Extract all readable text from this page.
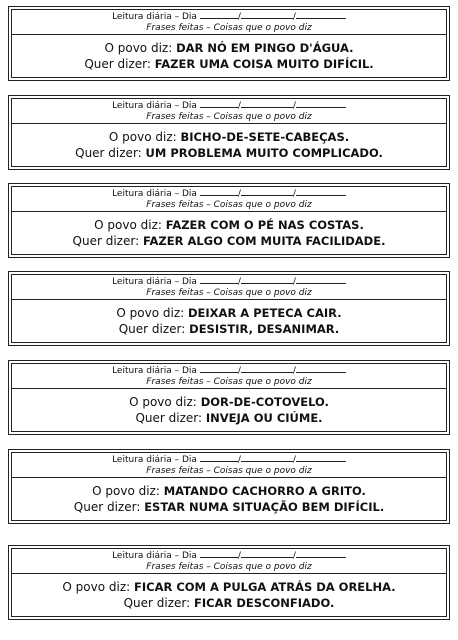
Leitura diária – Dia	/	/
Frases feitas – Coisas que o povo diz
O povo diz: DAR NÓ EM PINGO D'ÁGUA.
Quer dizer: FAZER UMA COISA MUITO DIFÍCIL.
Leitura diária – Dia	/	/
Frases feitas – Coisas que o povo diz
O povo diz: BICHO-DE-SETE-CABEÇAS.
Quer dizer: UM PROBLEMA MUITO COMPLICADO.
Leitura diária – Dia	/	/
Frases feitas – Coisas que o povo diz
O povo diz: FAZER COM O PÉ NAS COSTAS.
Quer dizer: FAZER ALGO COM MUITA FACILIDADE.
Leitura diária – Dia	/	/
Frases feitas – Coisas que o povo diz
O povo diz: DEIXAR A PETECA CAIR.
Quer dizer: DESISTIR, DESANIMAR.
Leitura diária – Dia	/	/
Frases feitas – Coisas que o povo diz
O povo diz: DOR-DE-COTOVELO.
Quer dizer: INVEJA OU CIÚME.
Leitura diária – Dia	/	/
Frases feitas – Coisas que o povo diz
O povo diz: MATANDO CACHORRO A GRITO.
Quer dizer: ESTAR NUMA SITUAÇÃO BEM DIFÍCIL.
Leitura diária – Dia	/	/
Frases feitas – Coisas que o povo diz
O povo diz: FICAR COM A PULGA ATRÁS DA ORELHA.
Quer dizer: FICAR DESCONFIADO.
